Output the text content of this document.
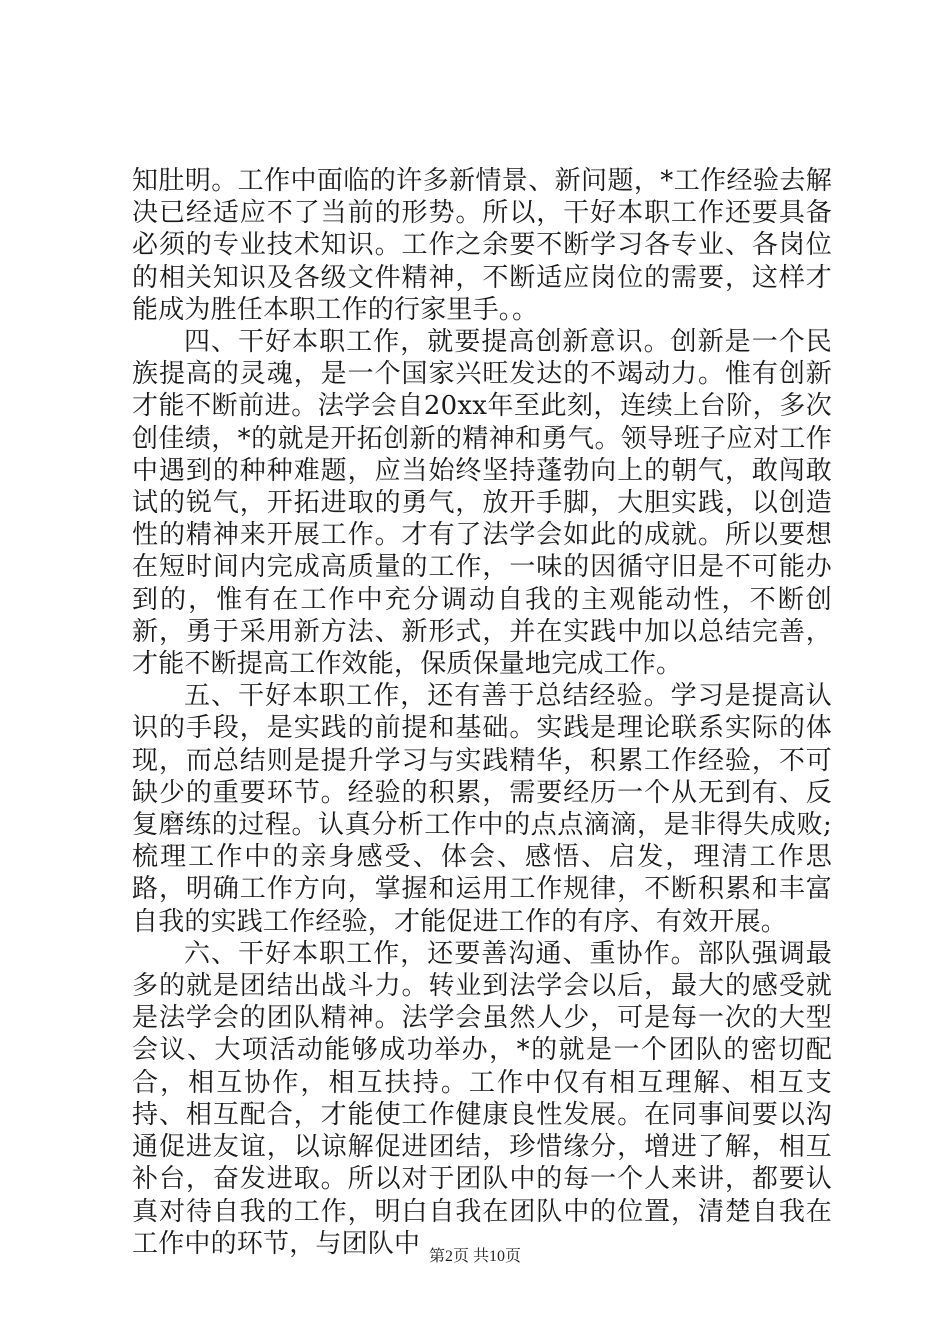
知肚明。工作中面临的许多新情景、新问题，*工作经验去解决已经适应不了当前的形势。所以，干好本职工作还要具备必须的专业技术知识。工作之余要不断学习各专业、各岗位的相关知识及各级文件精神，不断适应岗位的需要，这样才能成为胜任本职工作的行家里手。。

四、干好本职工作，就要提高创新意识。创新是一个民族提高的灵魂，是一个国家兴旺发达的不竭动力。惟有创新才能不断前进。法学会自20xx年至此刻，连续上台阶，多次创佳绩，*的就是开拓创新的精神和勇气。领导班子应对工作中遇到的种种难题，应当始终坚持蓬勃向上的朝气，敢闯敢试的锐气，开拓进取的勇气，放开手脚，大胆实践，以创造性的精神来开展工作。才有了法学会如此的成就。所以要想在短时间内完成高质量的工作，一味的因循守旧是不可能办到的，惟有在工作中充分调动自我的主观能动性，不断创新，勇于采用新方法、新形式，并在实践中加以总结完善，才能不断提高工作效能，保质保量地完成工作。

五、干好本职工作，还有善于总结经验。学习是提高认识的手段，是实践的前提和基础。实践是理论联系实际的体现，而总结则是提升学习与实践精华，积累工作经验，不可缺少的重要环节。经验的积累，需要经历一个从无到有、反复磨练的过程。认真分析工作中的点点滴滴，是非得失成败;梳理工作中的亲身感受、体会、感悟、启发，理清工作思路，明确工作方向，掌握和运用工作规律，不断积累和丰富自我的实践工作经验，才能促进工作的有序、有效开展。

六、干好本职工作，还要善沟通、重协作。部队强调最多的就是团结出战斗力。转业到法学会以后，最大的感受就是法学会的团队精神。法学会虽然人少，可是每一次的大型会议、大项活动能够成功举办，*的就是一个团队的密切配合，相互协作，相互扶持。工作中仅有相互理解、相互支持、相互配合，才能使工作健康良性发展。在同事间要以沟通促进友谊，以谅解促进团结，珍惜缘分，增进了解，相互补台，奋发进取。所以对于团队中的每一个人来讲，都要认真对待自我的工作，明白自我在团队中的位置，清楚自我在工作中的环节，与团队中 第2页 共10页
